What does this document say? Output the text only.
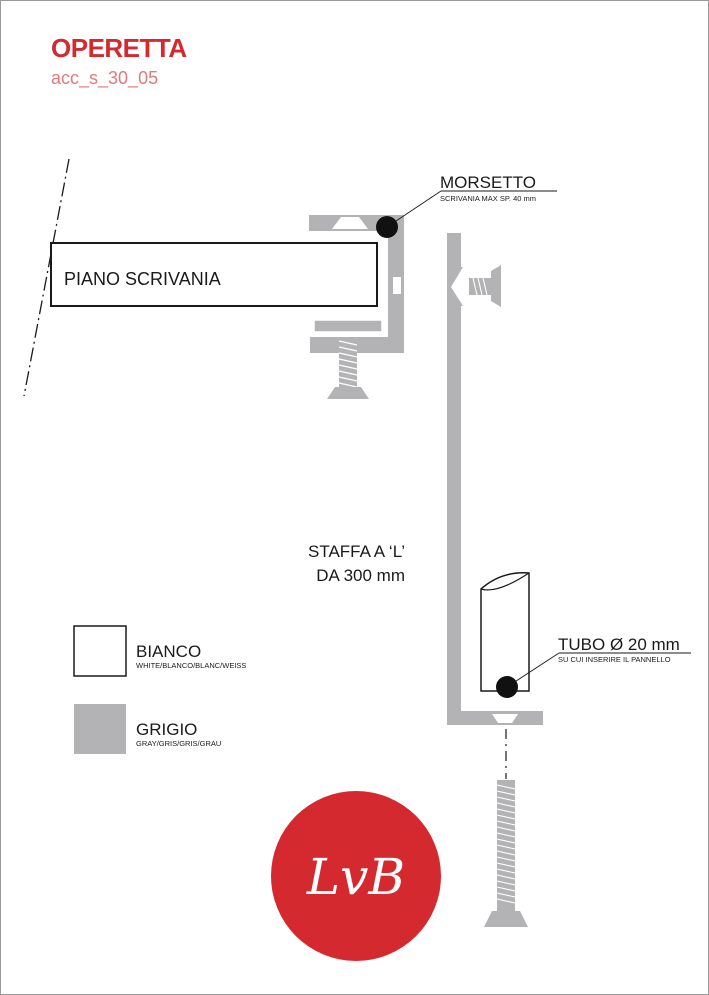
OPERETTA
acc_s_30_05
PIANO SCRIVANIA
MORSETTO
SCRIVANIA MAX SP. 40 mm
STAFFA A ‘L’
DA 300 mm
TUBO Ø 20 mm
SU CUI INSERIRE IL PANNELLO
BIANCO
WHITE/BLANCO/BLANC/WEISS
GRIGIO
GRAY/GRIS/GRIS/GRAU
LvB
